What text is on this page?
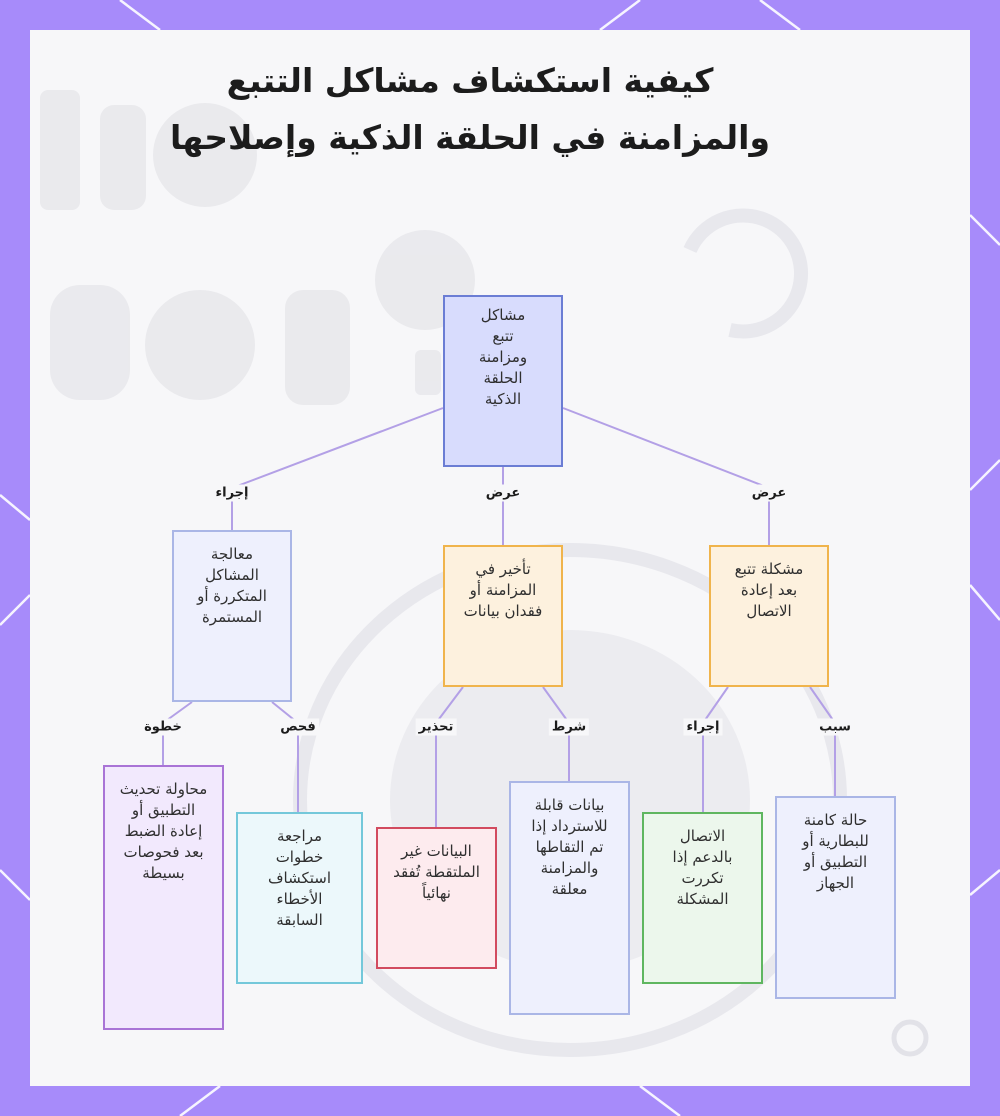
كيفية استكشاف مشاكل التتبع والمزامنة في الحلقة الذكية وإصلاحها
إجراء	عرض	عرض
خطوة	فحص	تحذير	شرط	إجراء	سبب
مشاكل تتبع ومزامنة الحلقة الذكية
مشكلة تتبع بعد إعادة الاتصال
تأخير في المزامنة أو فقدان بيانات
معالجة المشاكل المتكررة أو المستمرة
حالة كامنة للبطارية أو التطبيق أو الجهاز
الاتصال بالدعم إذا تكررت المشكلة
بيانات قابلة للاسترداد إذا تم التقاطها والمزامنة معلقة
البيانات غير الملتقطة تُفقد نهائياً
مراجعة خطوات استكشاف الأخطاء السابقة
محاولة تحديث التطبيق أو إعادة الضبط بعد فحوصات بسيطة
